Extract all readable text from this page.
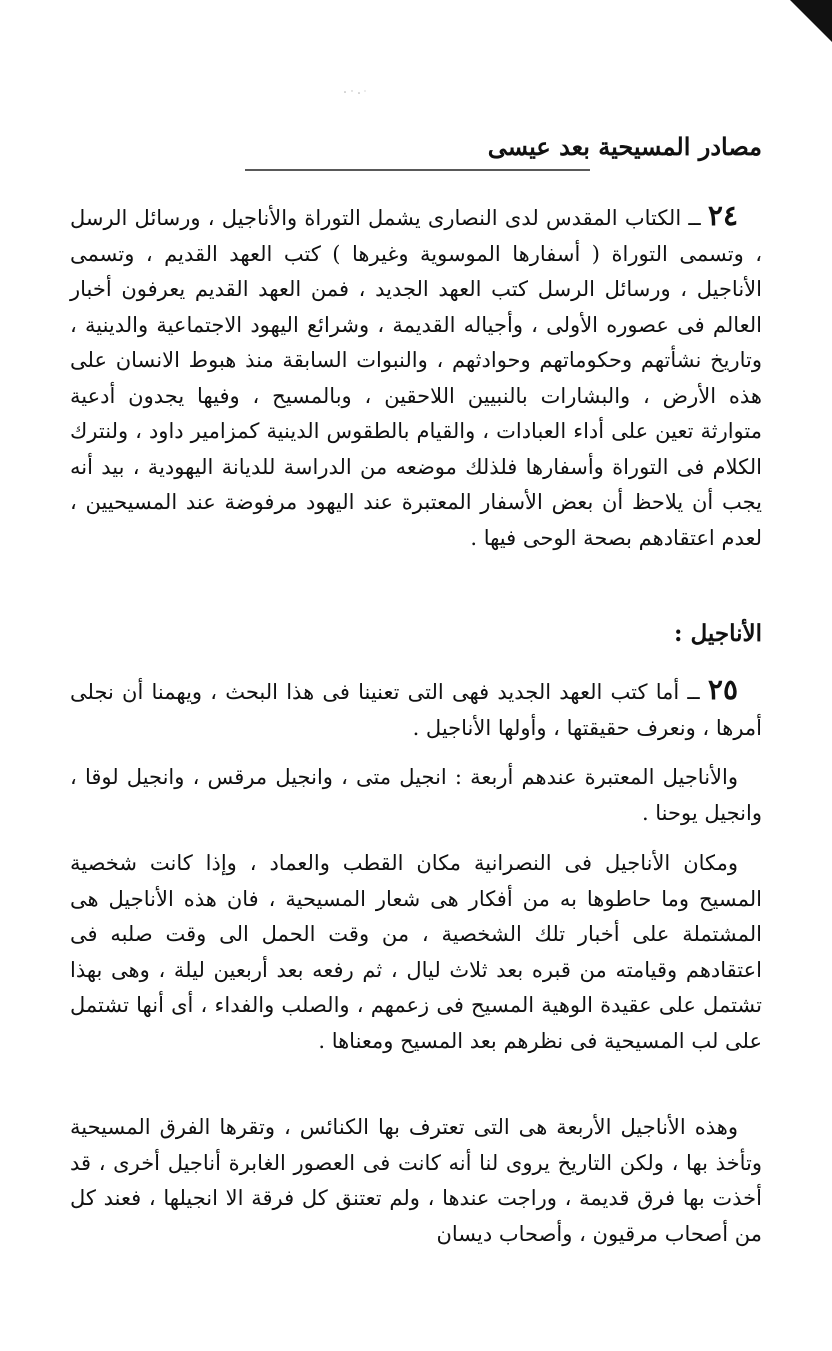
مصادر المسيحية بعد عيسى

٢٤ ــ الكتاب المقدس لدى النصارى يشمل التوراة والأناجيل ، ورسائل الرسل ، وتسمى التوراة ( أسفارها الموسوية وغيرها ) كتب العهد القديم ، وتسمى الأناجيل ، ورسائل الرسل كتب العهد الجديد ، فمن العهد القديم يعرفون أخبار العالم فى عصوره الأولى ، وأجياله القديمة ، وشرائع اليهود الاجتماعية والدينية ، وتاريخ نشأتهم وحكوماتهم وحوادثهم ، والنبوات السابقة منذ هبوط الانسان على هذه الأرض ، والبشارات بالنبيين اللاحقين ، وبالمسيح ، وفيها يجدون أدعية متوارثة تعين على أداء العبادات ، والقيام بالطقوس الدينية كمزامير داود ، ولنترك الكلام فى التوراة وأسفارها فلذلك موضعه من الدراسة للديانة اليهودية ، بيد أنه يجب أن يلاحظ أن بعض الأسفار المعتبرة عند اليهود مرفوضة عند المسيحيين ، لعدم اعتقادهم بصحة الوحى فيها .

الأناجيل :

٢٥ ــ أما كتب العهد الجديد فهى التى تعنينا فى هذا البحث ، ويهمنا أن نجلى أمرها ، ونعرف حقيقتها ، وأولها الأناجيل .

والأناجيل المعتبرة عندهم أربعة : انجيل متى ، وانجيل مرقس ، وانجيل لوقا ، وانجيل يوحنا .

ومكان الأناجيل فى النصرانية مكان القطب والعماد ، وإذا كانت شخصية المسيح وما حاطوها به من أفكار هى شعار المسيحية ، فان هذه الأناجيل هى المشتملة على أخبار تلك الشخصية ، من وقت الحمل الى وقت صلبه فى اعتقادهم وقيامته من قبره بعد ثلاث ليال ، ثم رفعه بعد أربعين ليلة ، وهى بهذا تشتمل على عقيدة الوهية المسيح فى زعمهم ، والصلب والفداء ، أى أنها تشتمل على لب المسيحية فى نظرهم بعد المسيح ومعناها .

وهذه الأناجيل الأربعة هى التى تعترف بها الكنائس ، وتقرها الفرق المسيحية وتأخذ بها ، ولكن التاريخ يروى لنا أنه كانت فى العصور الغابرة أناجيل أخرى ، قد أخذت بها فرق قديمة ، وراجت عندها ، ولم تعتنق كل فرقة الا انجيلها ، فعند كل من أصحاب مرقيون ، وأصحاب ديسان
